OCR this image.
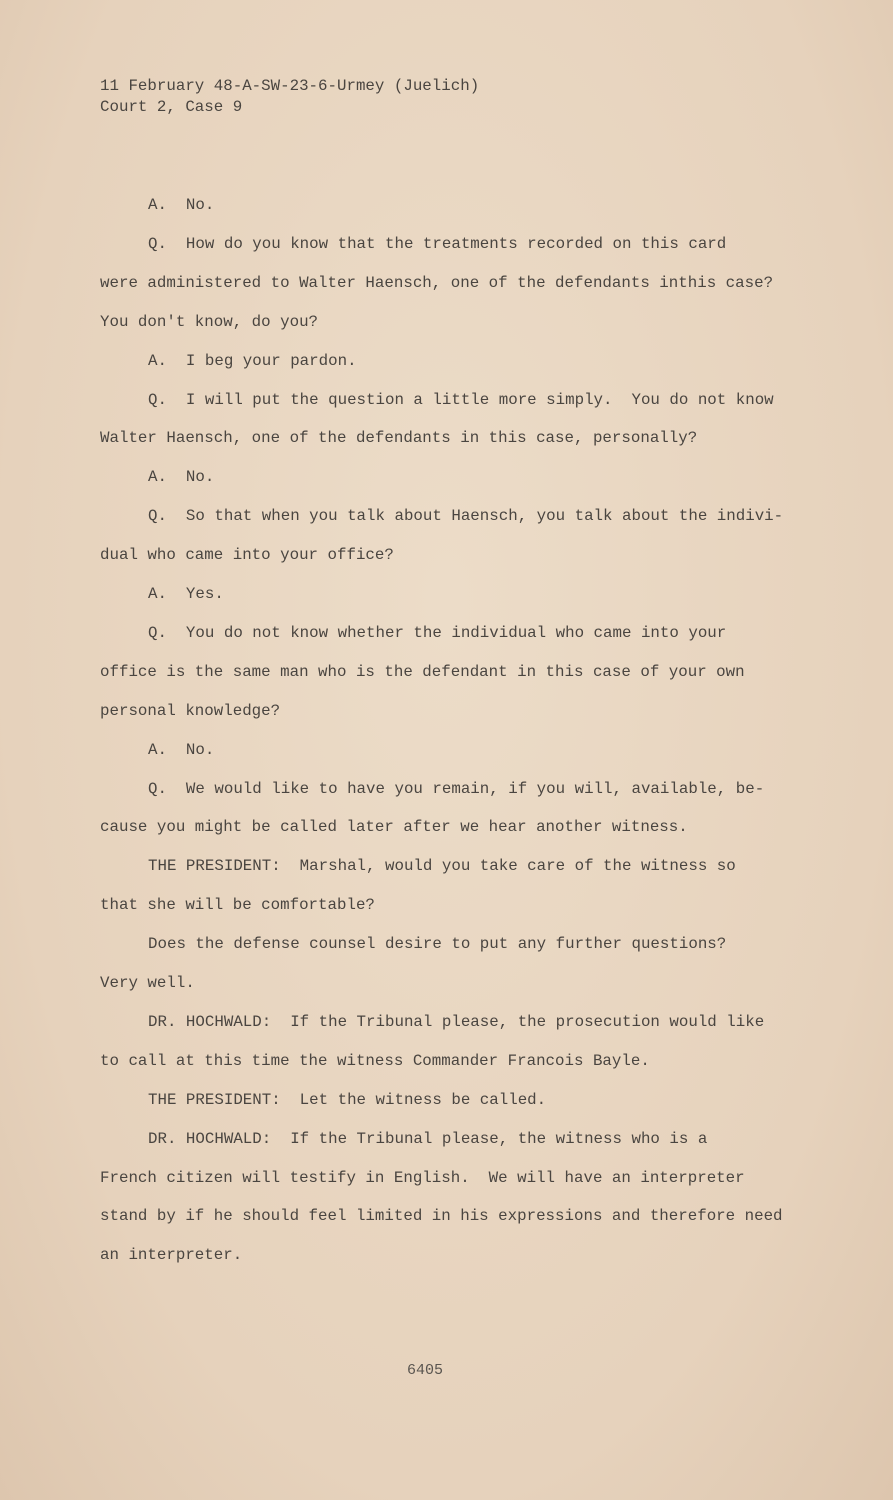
11 February 48-A-SW-23-6-Urmey (Juelich)
Court 2, Case 9
A.  No.
Q.  How do you know that the treatments recorded on this card
were administered to Walter Haensch, one of the defendants inthis case?
You don't know, do you?
A.  I beg your pardon.
Q.  I will put the question a little more simply.  You do not know
Walter Haensch, one of the defendants in this case, personally?
A.  No.
Q.  So that when you talk about Haensch, you talk about the indivi-
dual who came into your office?
A.  Yes.
Q.  You do not know whether the individual who came into your
office is the same man who is the defendant in this case of your own
personal knowledge?
A.  No.
Q.  We would like to have you remain, if you will, available, be-
cause you might be called later after we hear another witness.
THE PRESIDENT:  Marshal, would you take care of the witness so
that she will be comfortable?
Does the defense counsel desire to put any further questions?
Very well.
DR. HOCHWALD:  If the Tribunal please, the prosecution would like
to call at this time the witness Commander Francois Bayle.
THE PRESIDENT:  Let the witness be called.
DR. HOCHWALD:  If the Tribunal please, the witness who is a
French citizen will testify in English.  We will have an interpreter
stand by if he should feel limited in his expressions and therefore need
an interpreter.
6405
